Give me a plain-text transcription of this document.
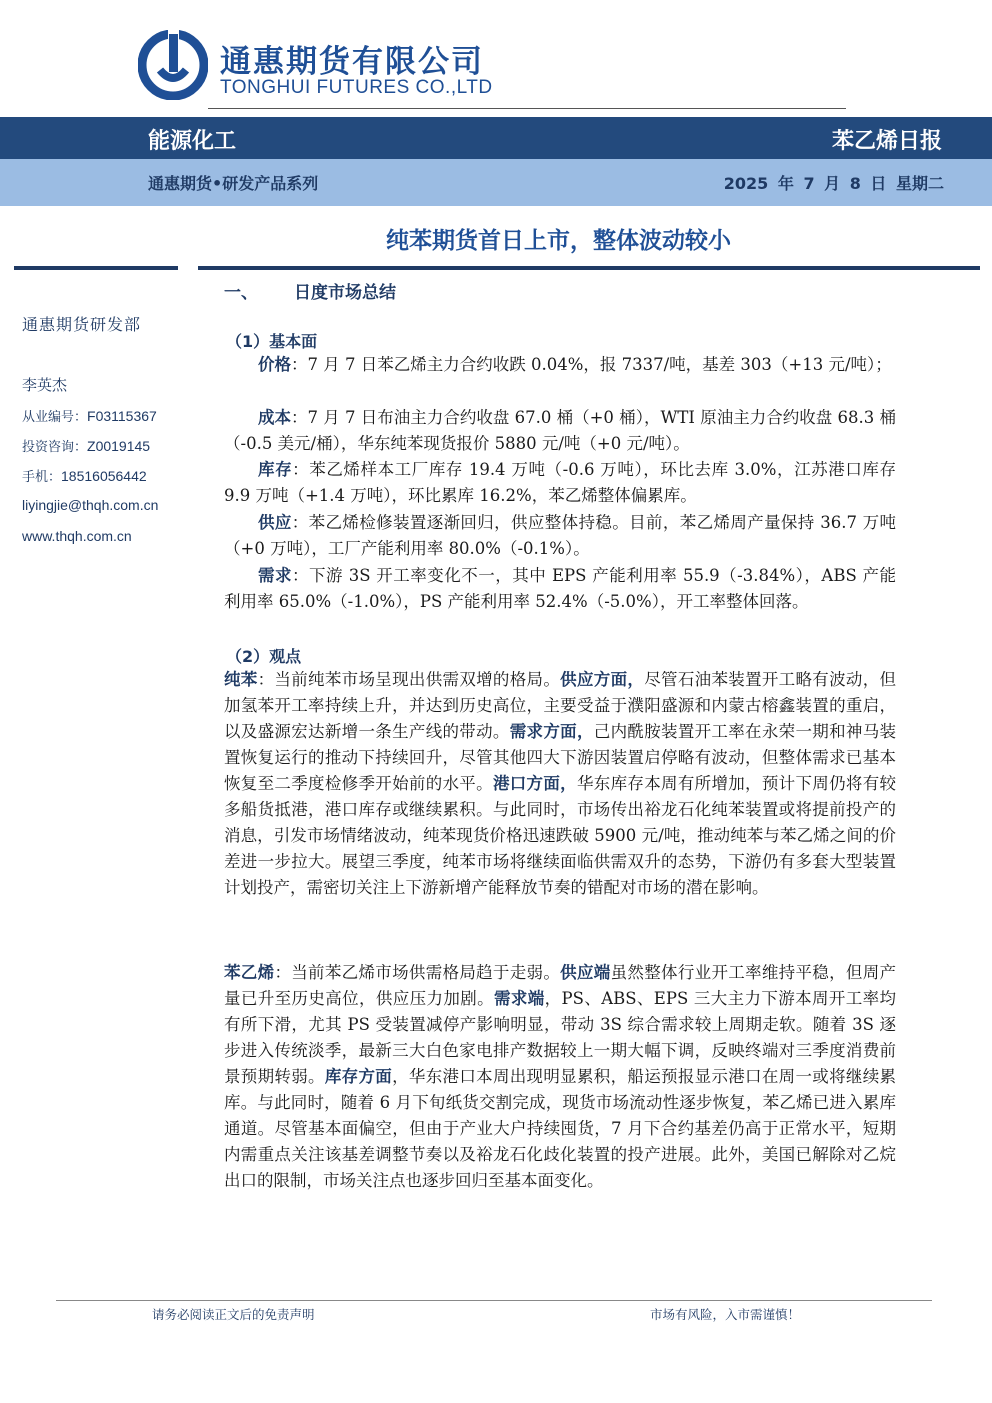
通惠期货有限公司
TONGHUI FUTURES CO.,LTD
能源化工	苯乙烯日报
通惠期货•研发产品系列	2025 年 7 月 8 日 星期二
纯苯期货首日上市，整体波动较小
通惠期货研发部
李英杰
从业编号：F03115367
投资咨询：Z0019145
手机：18516056442
liyingjie@thqh.com.cn
www.thqh.com.cn
一、 日度市场总结
（1）基本面
价格：7 月 7 日苯乙烯主力合约收跌 0.04%，报 7337/吨，基差 303（+13 元/吨）；
成本：7 月 7 日布油主力合约收盘 67.0 桶（+0 桶），WTI 原油主力合约收盘 68.3 桶（-0.5 美元/桶），华东纯苯现货报价 5880 元/吨（+0 元/吨）。
库存：苯乙烯样本工厂库存 19.4 万吨（-0.6 万吨），环比去库 3.0%，江苏港口库存 9.9 万吨（+1.4 万吨），环比累库 16.2%，苯乙烯整体偏累库。
供应：苯乙烯检修装置逐渐回归，供应整体持稳。目前，苯乙烯周产量保持 36.7 万吨（+0 万吨），工厂产能利用率 80.0%（-0.1%）。
需求：下游 3S 开工率变化不一，其中 EPS 产能利用率 55.9（-3.84%），ABS 产能利用率 65.0%（-1.0%），PS 产能利用率 52.4%（-5.0%），开工率整体回落。
（2）观点
纯苯：当前纯苯市场呈现出供需双增的格局。供应方面，尽管石油苯装置开工略有波动，但加氢苯开工率持续上升，并达到历史高位，主要受益于濮阳盛源和内蒙古榕鑫装置的重启，以及盛源宏达新增一条生产线的带动。需求方面，己内酰胺装置开工率在永荣一期和神马装置恢复运行的推动下持续回升，尽管其他四大下游因装置启停略有波动，但整体需求已基本恢复至二季度检修季开始前的水平。港口方面，华东库存本周有所增加，预计下周仍将有较多船货抵港，港口库存或继续累积。与此同时，市场传出裕龙石化纯苯装置或将提前投产的消息，引发市场情绪波动，纯苯现货价格迅速跌破 5900 元/吨，推动纯苯与苯乙烯之间的价差进一步拉大。展望三季度，纯苯市场将继续面临供需双升的态势，下游仍有多套大型装置计划投产，需密切关注上下游新增产能释放节奏的错配对市场的潜在影响。
苯乙烯：当前苯乙烯市场供需格局趋于走弱。供应端虽然整体行业开工率维持平稳，但周产量已升至历史高位，供应压力加剧。需求端，PS、ABS、EPS 三大主力下游本周开工率均有所下滑，尤其 PS 受装置减停产影响明显，带动 3S 综合需求较上周期走软。随着 3S 逐步进入传统淡季，最新三大白色家电排产数据较上一期大幅下调，反映终端对三季度消费前景预期转弱。库存方面，华东港口本周出现明显累积，船运预报显示港口在周一或将继续累库。与此同时，随着 6 月下旬纸货交割完成，现货市场流动性逐步恢复，苯乙烯已进入累库通道。尽管基本面偏空，但由于产业大户持续囤货，7 月下合约基差仍高于正常水平，短期内需重点关注该基差调整节奏以及裕龙石化歧化装置的投产进展。此外，美国已解除对乙烷出口的限制，市场关注点也逐步回归至基本面变化。
请务必阅读正文后的免责声明	市场有风险，入市需谨慎！
